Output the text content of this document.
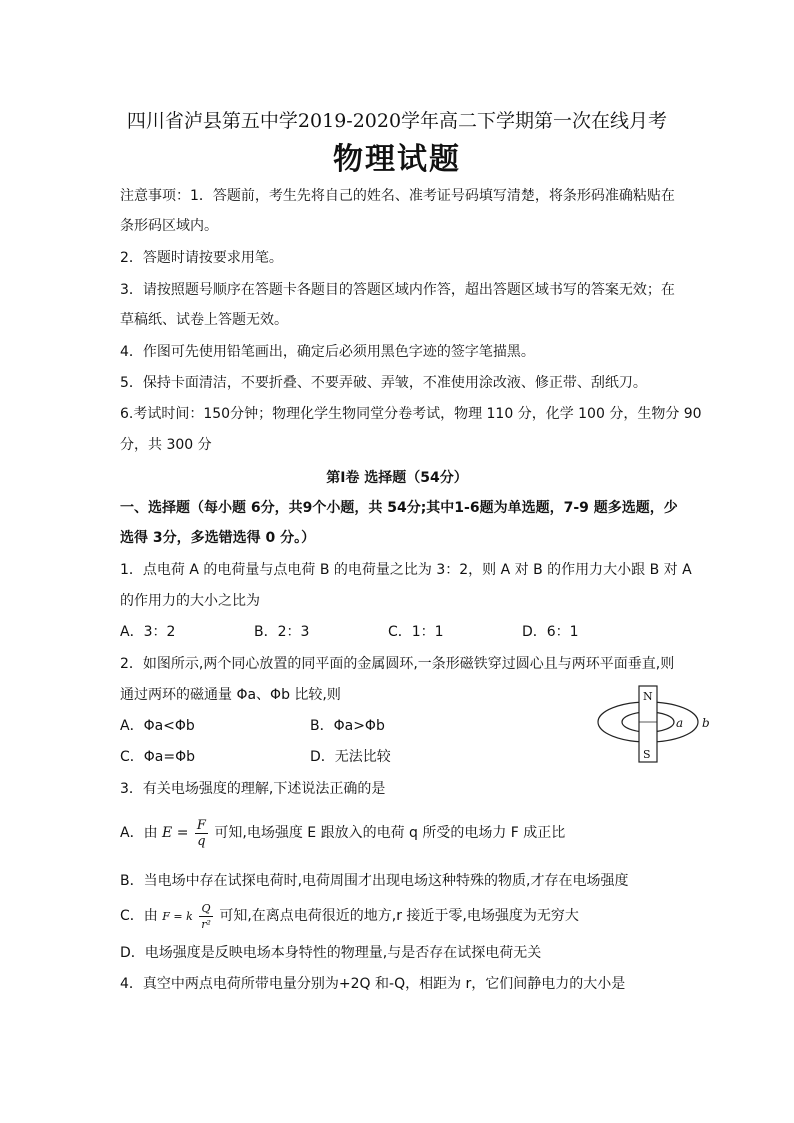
四川省泸县第五中学2019-2020学年高二下学期第一次在线月考
物理试题
注意事项：1．答题前，考生先将自己的姓名、准考证号码填写清楚，将条形码准确粘贴在
条形码区域内。
2．答题时请按要求用笔。
3．请按照题号顺序在答题卡各题目的答题区域内作答，超出答题区域书写的答案无效；在
草稿纸、试卷上答题无效。
4．作图可先使用铅笔画出，确定后必须用黑色字迹的签字笔描黑。
5．保持卡面清洁，不要折叠、不要弄破、弄皱，不准使用涂改液、修正带、刮纸刀。
6.考试时间：150分钟；物理化学生物同堂分卷考试，物理 110 分，化学 100 分，生物分 90
分，共 300 分
第Ⅰ卷 选择题（54分）
一、选择题（每小题 6分，共9个小题，共 54分;其中1-6题为单选题，7-9 题多选题，少
选得 3分，多选错选得 0 分。）
1．点电荷 A 的电荷量与点电荷 B 的电荷量之比为 3：2，则 A 对 B 的作用力大小跟 B 对 A
的作用力的大小之比为
A．3：2	B．2：3	C．1：1	D．6：1
2．如图所示,两个同心放置的同平面的金属圆环,一条形磁铁穿过圆心且与两环平面垂直,则
通过两环的磁通量 Φa、Φb 比较,则
A．Φa<Φb	B．Φa>Φb
C．Φa=Φb	D．无法比较
N
S
a b
3．有关电场强度的理解,下述说法正确的是
A．由 $E = \frac{F}{q}$ 可知,电场强度 E 跟放入的电荷 q 所受的电场力 F 成正比
B．当电场中存在试探电荷时,电荷周围才出现电场这种特殊的物质,才存在电场强度
C．由 F = k $\frac{Q}{\text{r²}}$ 可知,在离点电荷很近的地方,r 接近于零,电场强度为无穷大
D．电场强度是反映电场本身特性的物理量,与是否存在试探电荷无关
4．真空中两点电荷所带电量分别为+2Q 和-Q，相距为 r，它们间静电力的大小是
